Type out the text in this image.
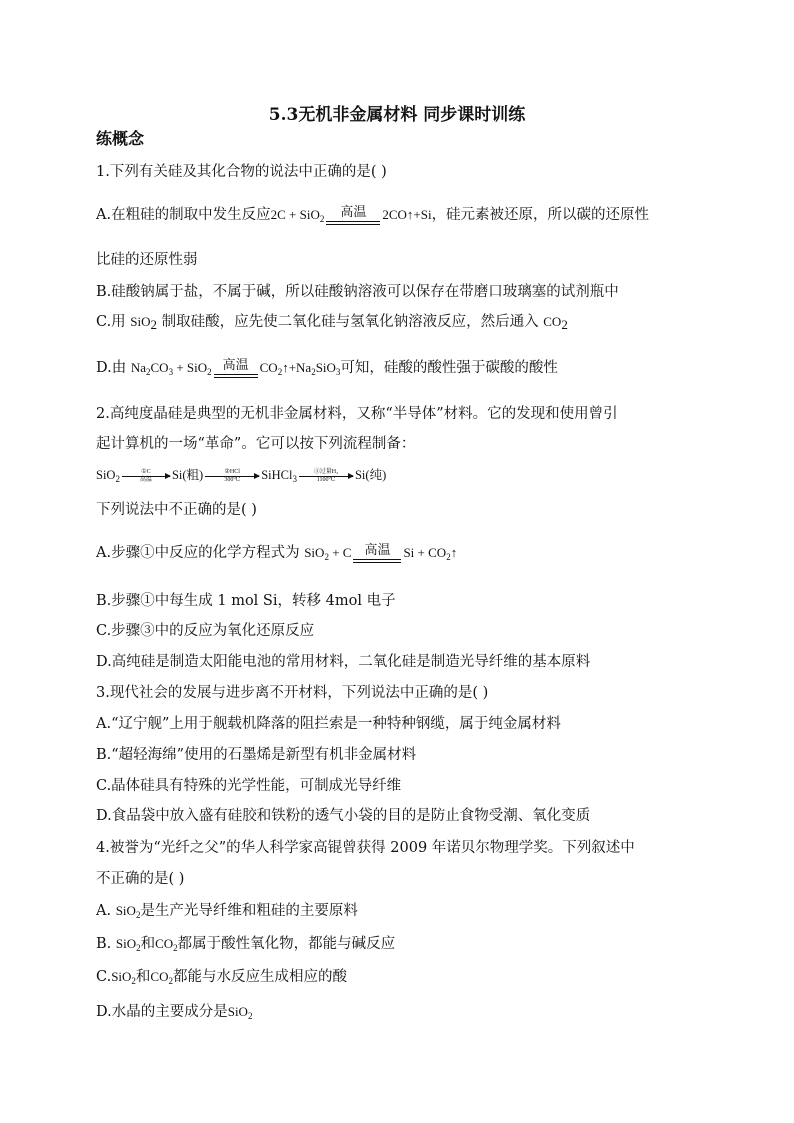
5.3无机非金属材料 同步课时训练
练概念
1.下列有关硅及其化合物的说法中正确的是( )
A.在粗硅的制取中发生反应2C + SiO$_2$	高温	2CO↑+Si，硅元素被还原，所以碳的还原性
比硅的还原性弱
B.硅酸钠属于盐，不属于碱，所以硅酸钠溶液可以保存在带磨口玻璃塞的试剂瓶中
C.用 SiO$_2$ 制取硅酸，应先使二氧化硅与氢氧化钠溶液反应，然后通入 $CO_2$
D.由 $Na_2CO_3 + SiO_2$ 高温 $CO_2↑+Na_2SiO_3$可知，硅酸的酸性强于碳酸的酸性
2.高纯度晶硅是典型的无机非金属材料，又称“半导体”材料。它的发现和使用曾引
起计算机的一场“革命”。它可以按下列流程制备：
SiO$_2$
①C
高温	Si(粗)	②HCl
300℃	SiHCl$_3$
③过量H₂
1100℃	Si(纯)
下列说法中不正确的是( )
A.步骤①中反应的化学方程式为 SiO$_2$ + C 高温	$Si + CO_2↑$
B.步骤①中每生成 1 mol Si，转移 4mol 电子
C.步骤③中的反应为氧化还原反应
D.高纯硅是制造太阳能电池的常用材料，二氧化硅是制造光导纤维的基本原料
3.现代社会的发展与进步离不开材料，下列说法中正确的是( )
A.“辽宁舰”上用于舰载机降落的阻拦索是一种特种钢缆，属于纯金属材料
B.“超轻海绵”使用的石墨烯是新型有机非金属材料
C.晶体硅具有特殊的光学性能，可制成光导纤维
D.食品袋中放入盛有硅胶和铁粉的透气小袋的目的是防止食物受潮、氧化变质
4.被誉为“光纤之父”的华人科学家高锟曾获得 2009 年诺贝尔物理学奖。下列叙述中
不正确的是( )
A. SiO$_2$是生产光导纤维和粗硅的主要原料
B. SiO$_2$和$CO_2$都属于酸性氧化物，都能与碱反应
C.SiO$_2$和$CO_2$都能与水反应生成相应的酸
D.水晶的主要成分是SiO$_2$
